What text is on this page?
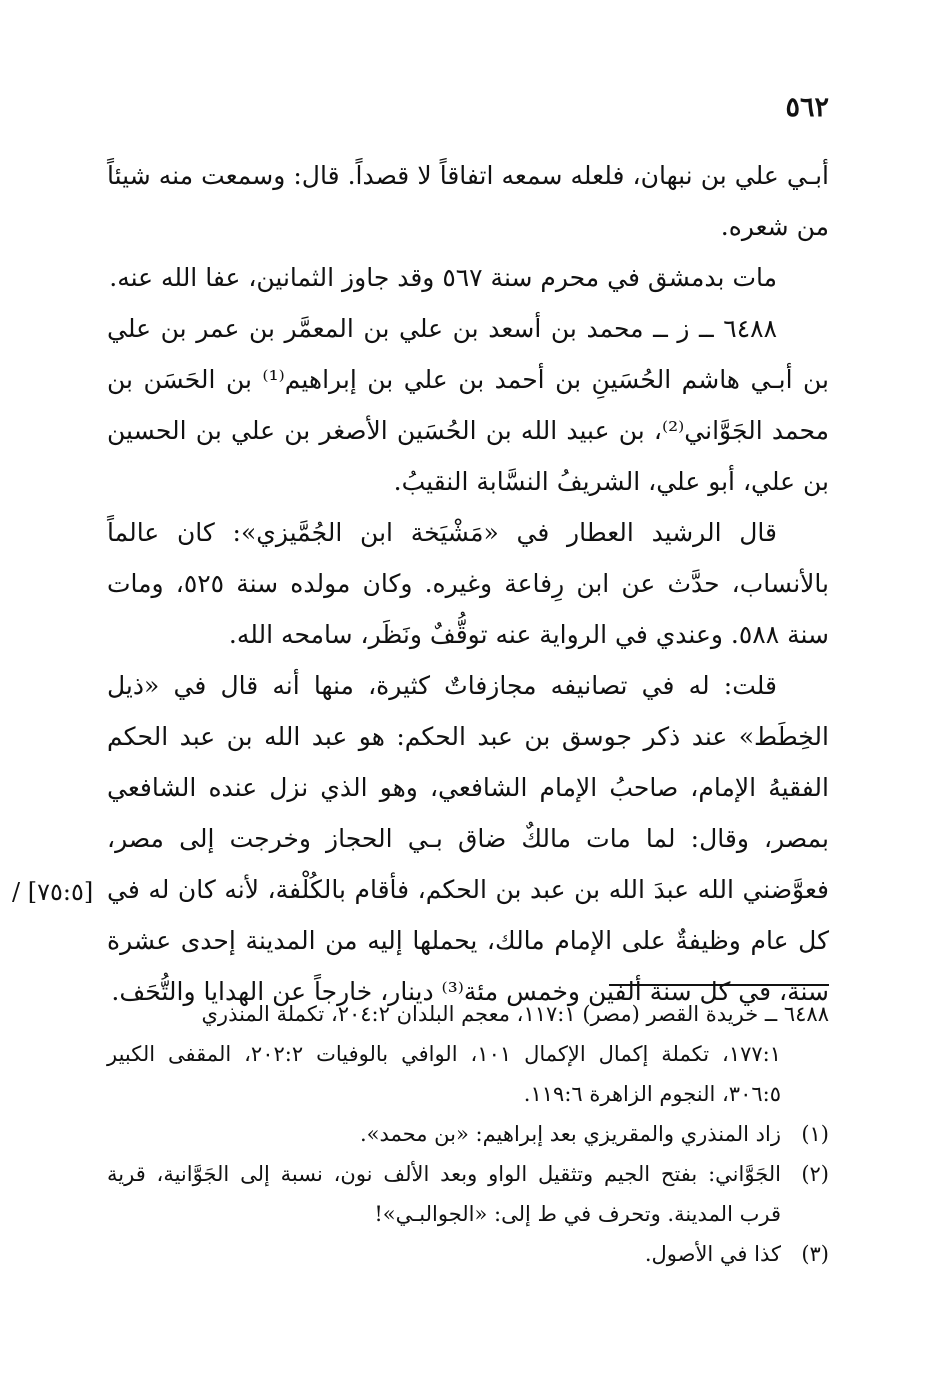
٥٦٢

أبـي علي بن نبهان، فلعله سمعه اتفاقاً لا قصداً. قال: وسمعت منه شيئاً من شعره.

مات بدمشق في محرم سنة ٥٦٧ وقد جاوز الثمانين، عفا الله عنه.

٦٤٨٨ ــ ز ــ محمد بن أسعد بن علي بن المعمَّر بن عمر بن علي بن أبـي هاشم الحُسَينِ بن أحمد بن علي بن إبراهيم⁽¹⁾ بن الحَسَن بن محمد الجَوَّاني⁽²⁾، بن عبيد الله بن الحُسَين الأصغر بن علي بن الحسين بن علي، أبو علي، الشريفُ النسَّابة النقيبُ.

قال الرشيد العطار في «مَشْيَخة ابن الجُمَّيزي»: كان عالماً بالأنساب، حدَّث عن ابن رِفاعة وغيره. وكان مولده سنة ٥٢٥، ومات سنة ٥٨٨. وعندي في الرواية عنه توقُّفٌ ونَظَر، سامحه الله.

قلت: له في تصانيفه مجازفاتٌ كثيرة، منها أنه قال في «ذيل الخِطَط» عند ذكر جوسق بن عبد الحكم: هو عبد الله بن عبد الحكم الفقيهُ الإمام، صاحبُ الإمام الشافعي، وهو الذي نزل عنده الشافعي بمصر، وقال: لما مات مالكٌ ضاق بـي الحجاز وخرجت إلى مصر، فعوَّضني الله عبدَ الله بن عبد بن الحكم، فأقام بالكُلْفة، لأنه كان له في كل عام وظيفةٌ على الإمام مالك، يحملها إليه من المدينة إحدى عشرة سنة، في كل سنة ألفين وخمس مئة⁽³⁾ دينار، خارجاً عن الهدايا والتُّحَف.

[٧٥:٥] /
٦٤٨٨ ــ خريدة القصر (مصر) ١١٧:١، معجم البلدان ٢٠٤:٢، تكملة المنذري
١٧٧:١، تكملة إكمال الإكمال ١٠١، الوافي بالوفيات ٢٠٢:٢، المقفى الكبير ٣٠٦:٥، النجوم الزاهرة ١١٩:٦.
(١)
زاد المنذري والمقريزي بعد إبراهيم: «بن محمد».
(٢)
الجَوَّاني: بفتح الجيم وتثقيل الواو وبعد الألف نون، نسبة إلى الجَوَّانية، قرية قرب المدينة. وتحرف في ط إلى: «الجوالبـي»!
(٣)
كذا في الأصول.
